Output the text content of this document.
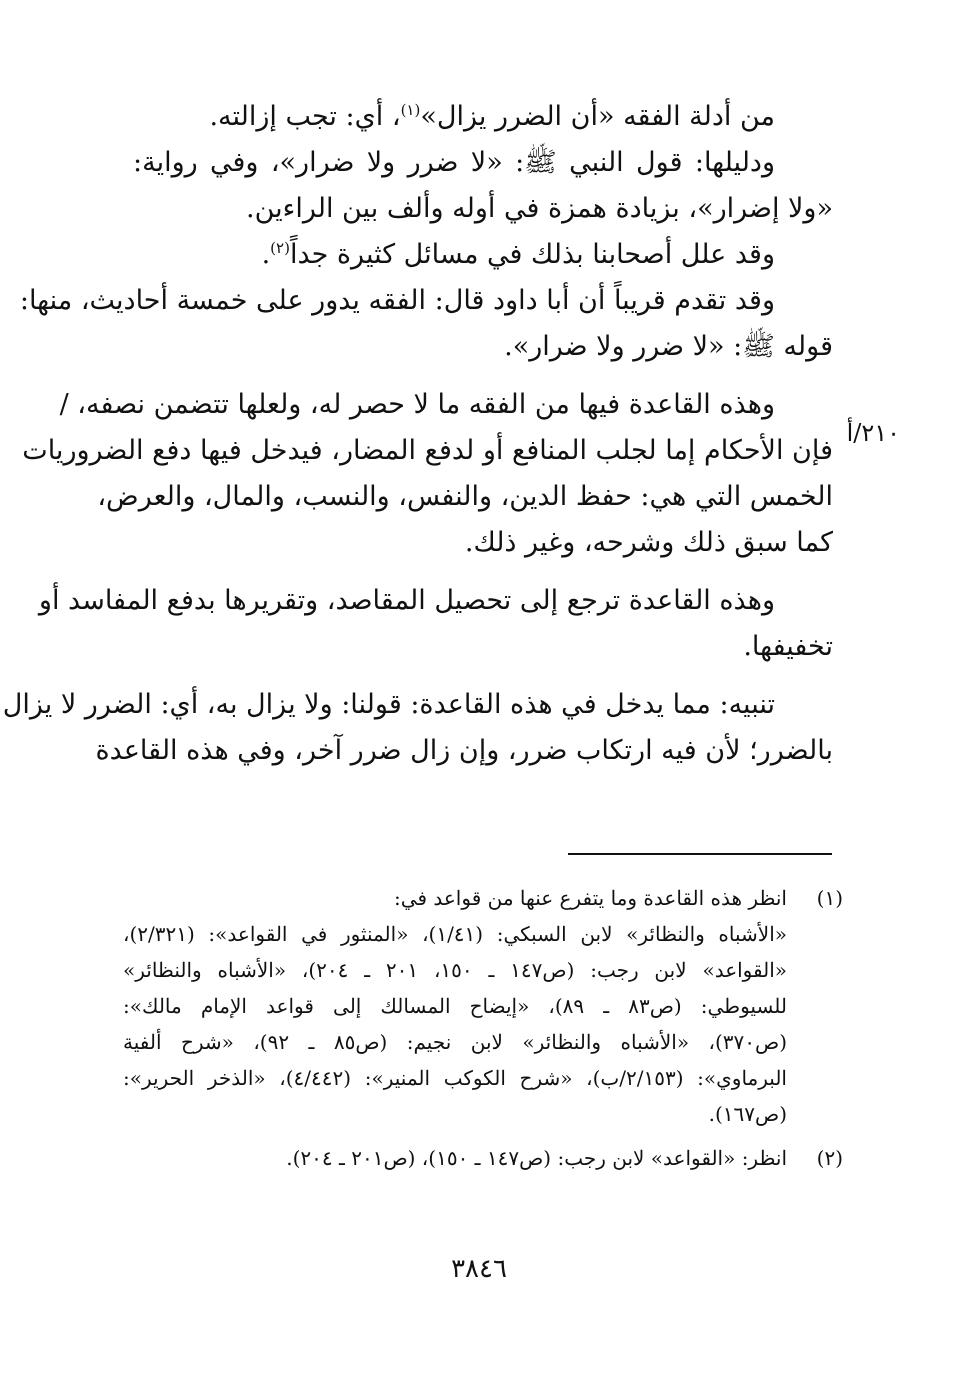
من أدلة الفقه «أن الضرر يزال»$^{(١)}$، أي: تجب إزالته.
ودليلها: قول النبي ﷺ: «لا ضرر ولا ضرار»، وفي رواية:
«ولا إضرار»، بزيادة همزة في أوله وألف بين الراءين.
وقد علل أصحابنا بذلك في مسائل كثيرة جداً$^{(٢)}$.
وقد تقدم قريباً أن أبا داود قال: الفقه يدور على خمسة أحاديث، منها:
قوله ﷺ: «لا ضرر ولا ضرار».
وهذه القاعدة فيها من الفقه ما لا حصر له، ولعلها تتضمن نصفه، /
فإن الأحكام إما لجلب المنافع أو لدفع المضار، فيدخل فيها دفع الضروريات
الخمس التي هي: حفظ الدين، والنفس، والنسب، والمال، والعرض،
كما سبق ذلك وشرحه، وغير ذلك.
وهذه القاعدة ترجع إلى تحصيل المقاصد، وتقريرها بدفع المفاسد أو
تخفيفها.
تنبيه: مما يدخل في هذه القاعدة: قولنا: ولا يزال به، أي: الضرر لا يزال
بالضرر؛ لأن فيه ارتكاب ضرر، وإن زال ضرر آخر، وفي هذه القاعدة
٢١٠/أ
(١)
انظر هذه القاعدة وما يتفرع عنها من قواعد في:
«الأشباه والنظائر» لابن السبكي: (١/٤١)، «المنثور في القواعد»: (٢/٣٢١)،
«القواعد» لابن رجب: (ص١٤٧ ـ ١٥٠، ٢٠١ ـ ٢٠٤)، «الأشباه والنظائر»
للسيوطي: (ص٨٣ ـ ٨٩)، «إيضاح المسالك إلى قواعد الإمام مالك»:
(ص٣٧٠)، «الأشباه والنظائر» لابن نجيم: (ص٨٥ ـ ٩٢)، «شرح ألفية
البرماوي»: (٢/١٥٣/ب)، «شرح الكوكب المنير»: (٤/٤٤٢)، «الذخر الحرير»:
(ص١٦٧).
(٢)
انظر: «القواعد» لابن رجب: (ص١٤٧ ـ ١٥٠)، (ص٢٠١ ـ ٢٠٤).
٣٨٤٦
